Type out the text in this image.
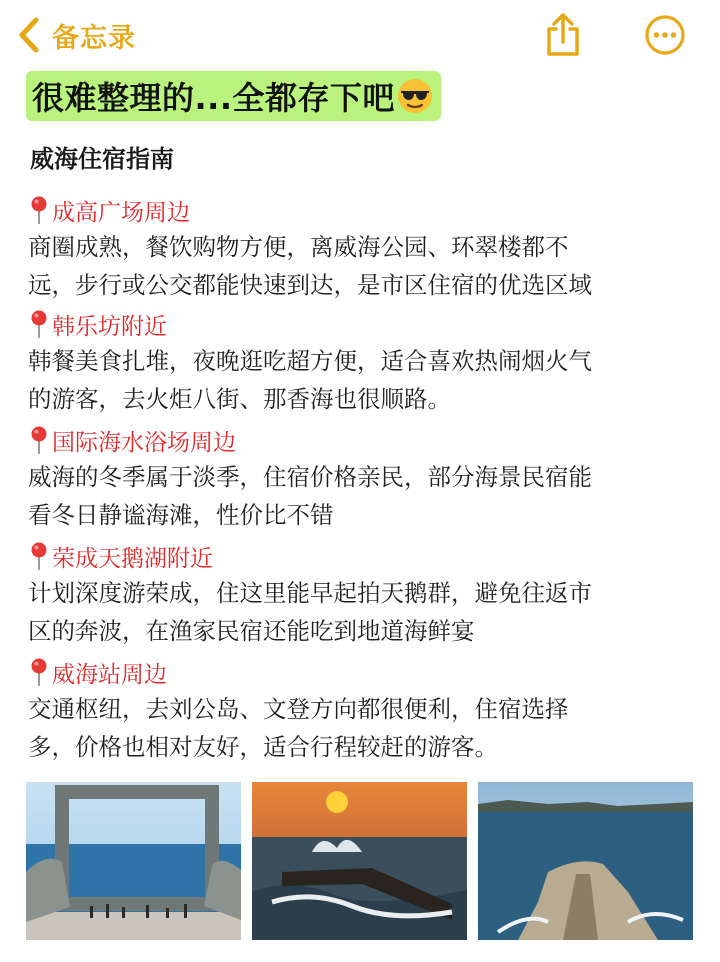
备忘录
很难整理的...全都存下吧
威海住宿指南
成高广场周边
商圈成熟，餐饮购物方便，离威海公园、环翠楼都不
远，步行或公交都能快速到达，是市区住宿的优选区域
韩乐坊附近
韩餐美食扎堆，夜晚逛吃超方便，适合喜欢热闹烟火气
的游客，去火炬八街、那香海也很顺路。
国际海水浴场周边
威海的冬季属于淡季，住宿价格亲民，部分海景民宿能
看冬日静谧海滩，性价比不错
荣成天鹅湖附近
计划深度游荣成，住这里能早起拍天鹅群，避免往返市
区的奔波，在渔家民宿还能吃到地道海鲜宴
威海站周边
交通枢纽，去刘公岛、文登方向都很便利，住宿选择
多，价格也相对友好，适合行程较赶的游客。
